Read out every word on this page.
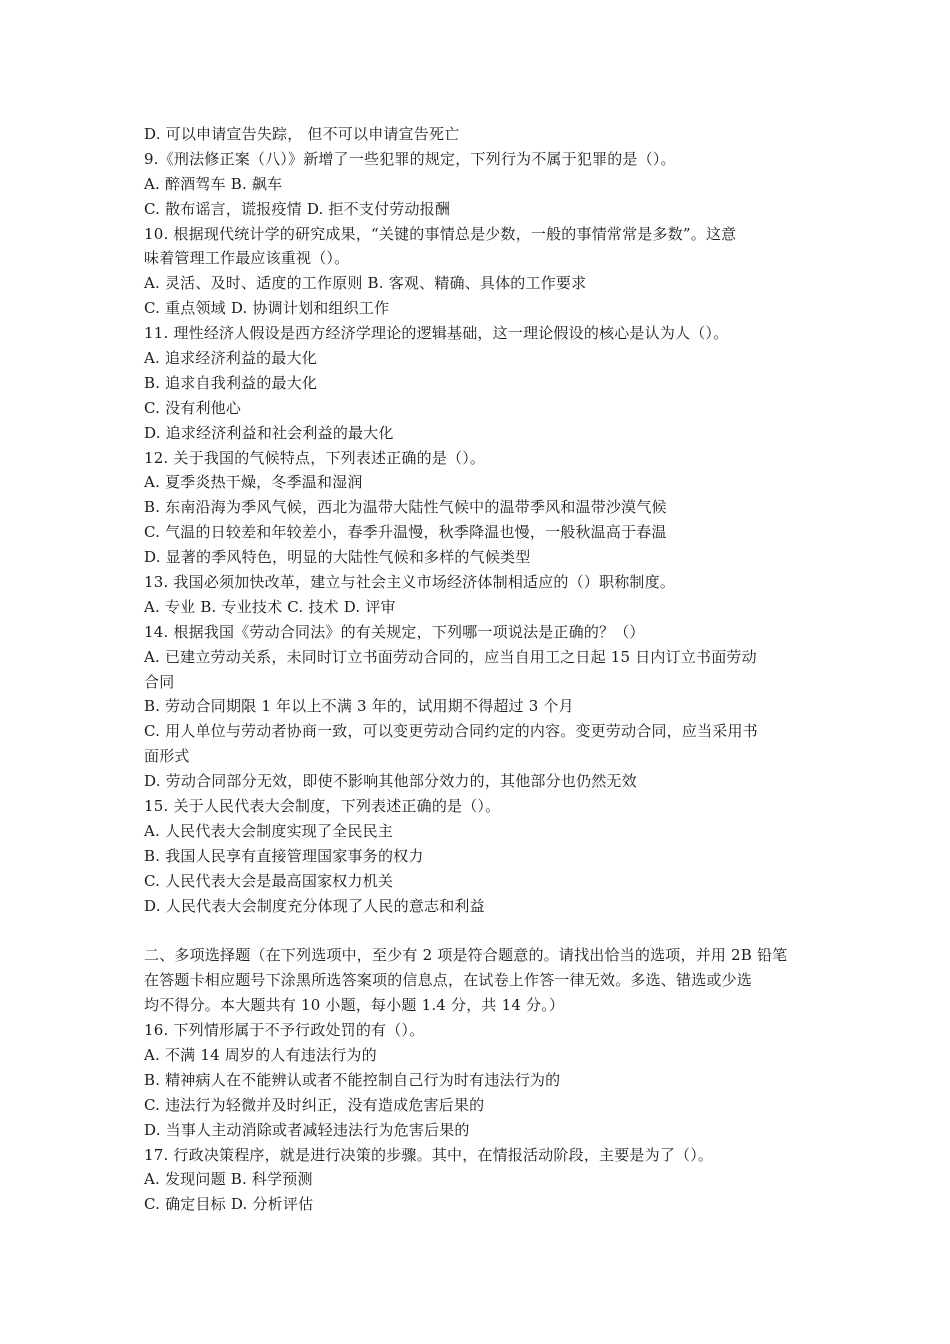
D. 可以申请宣告失踪， 但不可以申请宣告死亡
9.《刑法修正案（八）》新增了一些犯罪的规定，下列行为不属于犯罪的是（）。
A. 醉酒驾车 B. 飙车
C. 散布谣言，谎报疫情 D. 拒不支付劳动报酬
10. 根据现代统计学的研究成果，“关键的事情总是少数，一般的事情常常是多数”。这意
味着管理工作最应该重视（）。
A. 灵活、及时、适度的工作原则 B. 客观、精确、具体的工作要求
C. 重点领域 D. 协调计划和组织工作
11. 理性经济人假设是西方经济学理论的逻辑基础，这一理论假设的核心是认为人（）。
A. 追求经济利益的最大化
B. 追求自我利益的最大化
C. 没有利他心
D. 追求经济利益和社会利益的最大化
12. 关于我国的气候特点，下列表述正确的是（）。
A. 夏季炎热干燥，冬季温和湿润
B. 东南沿海为季风气候，西北为温带大陆性气候中的温带季风和温带沙漠气候
C. 气温的日较差和年较差小，春季升温慢，秋季降温也慢，一般秋温高于春温
D. 显著的季风特色，明显的大陆性气候和多样的气候类型
13. 我国必须加快改革，建立与社会主义市场经济体制相适应的（）职称制度。
A. 专业 B. 专业技术 C. 技术 D. 评审
14. 根据我国《劳动合同法》的有关规定，下列哪一项说法是正确的？（）
A. 已建立劳动关系，未同时订立书面劳动合同的，应当自用工之日起 15 日内订立书面劳动
合同
B. 劳动合同期限 1 年以上不满 3 年的，试用期不得超过 3 个月
C. 用人单位与劳动者协商一致，可以变更劳动合同约定的内容。变更劳动合同，应当采用书
面形式
D. 劳动合同部分无效，即使不影响其他部分效力的，其他部分也仍然无效
15. 关于人民代表大会制度，下列表述正确的是（）。
A. 人民代表大会制度实现了全民民主
B. 我国人民享有直接管理国家事务的权力
C. 人民代表大会是最高国家权力机关
D. 人民代表大会制度充分体现了人民的意志和利益
二、多项选择题（在下列选项中，至少有 2 项是符合题意的。请找出恰当的选项，并用 2B 铅笔
在答题卡相应题号下涂黑所选答案项的信息点，在试卷上作答一律无效。多选、错选或少选
均不得分。本大题共有 10 小题，每小题 1.4 分，共 14 分。）
16. 下列情形属于不予行政处罚的有（）。
A. 不满 14 周岁的人有违法行为的
B. 精神病人在不能辨认或者不能控制自己行为时有违法行为的
C. 违法行为轻微并及时纠正，没有造成危害后果的
D. 当事人主动消除或者减轻违法行为危害后果的
17. 行政决策程序，就是进行决策的步骤。其中，在情报活动阶段，主要是为了（）。
A. 发现问题 B. 科学预测
C. 确定目标 D. 分析评估
